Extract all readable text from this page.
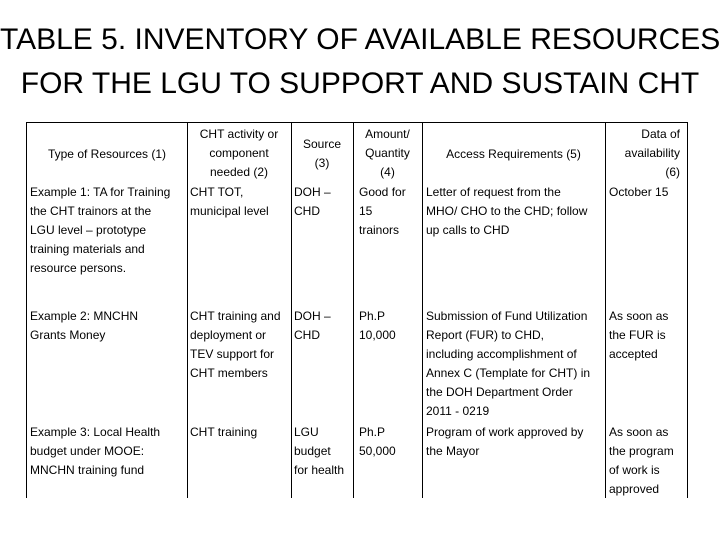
TABLE 5. INVENTORY OF AVAILABLE RESOURCES
FOR THE LGU TO SUPPORT AND SUSTAIN CHT
Type of Resources (1)
CHT activity or
component
needed (2)
Source
(3)
Amount/
Quantity
(4)
Access Requirements (5)
Data of
availability
(6)
Example 1: TA for Training
the CHT trainors at the
LGU level – prototype
training materials and
resource persons.
CHT TOT,
municipal level
DOH –
CHD
Good for
15
trainors
Letter of request from the
MHO/ CHO to the CHD; follow
up calls to CHD
October 15
Example 2: MNCHN
Grants Money
CHT training and
deployment or
TEV support for
CHT members
DOH –
CHD
Ph.P
10,000
Submission of Fund Utilization
Report (FUR) to CHD,
including accomplishment of
Annex C (Template for CHT) in
the DOH Department Order
2011 - 0219
As soon as
the FUR is
accepted
Example 3: Local Health
budget under MOOE:
MNCHN training fund
CHT training	LGU
budget
for health
Ph.P
50,000
Program of work approved by
the Mayor
As soon as
the program
of work is
approved
